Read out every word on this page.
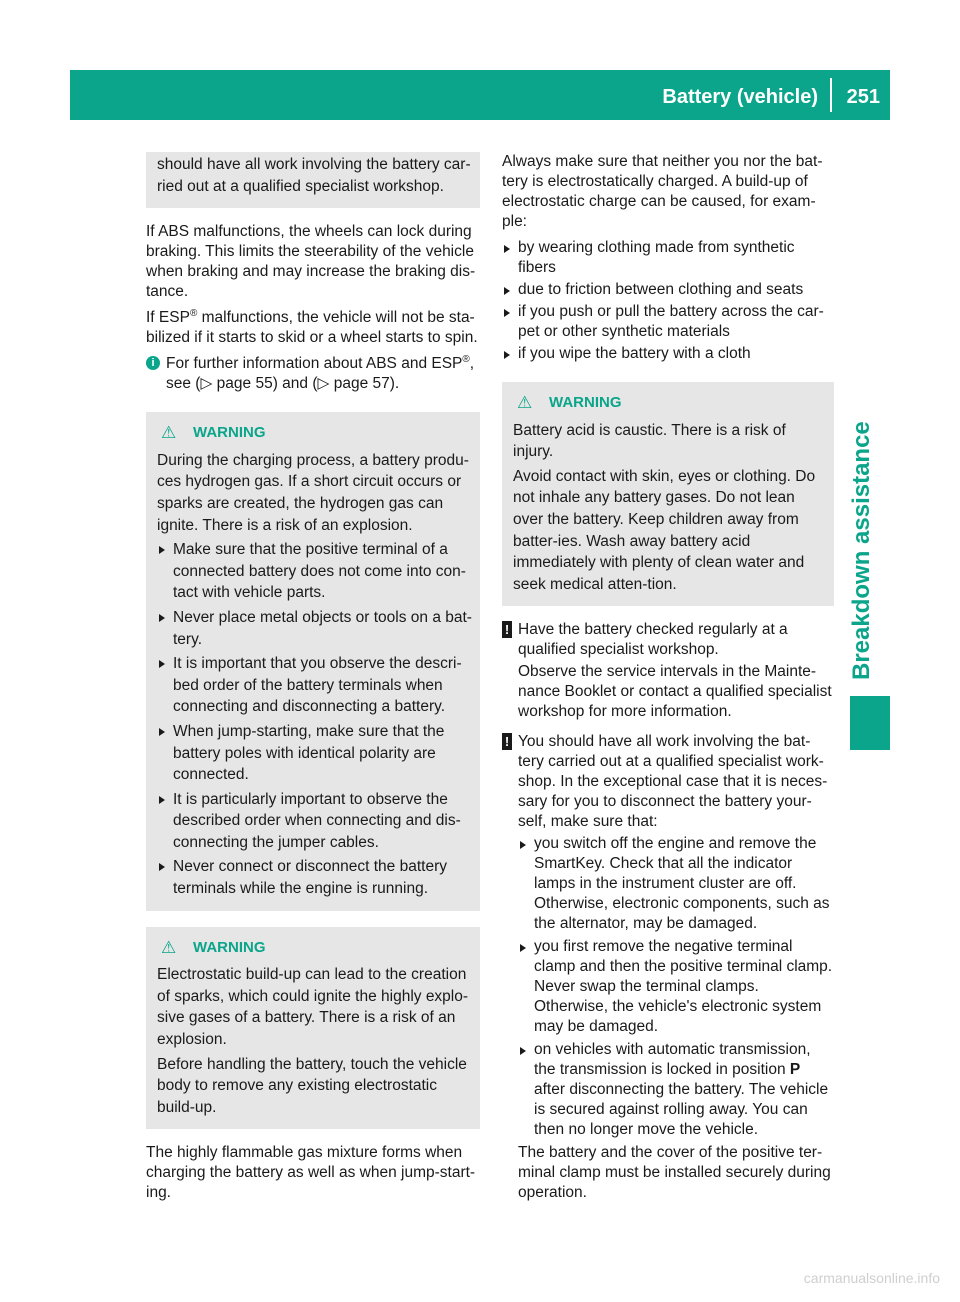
Battery (vehicle) 251
Breakdown assistance

should have all work involving the battery car-ried out at a qualified specialist workshop.

If ABS malfunctions, the wheels can lock during braking. This limits the steerability of the vehicle when braking and may increase the braking dis-tance.

If ESP® malfunctions, the vehicle will not be sta-bilized if it starts to skid or a wheel starts to spin.

i For further information about ABS and ESP®, see (▷ page 55) and (▷ page 57).
⚠ WARNING

During the charging process, a battery produ-ces hydrogen gas. If a short circuit occurs or sparks are created, the hydrogen gas can ignite. There is a risk of an explosion.

Make sure that the positive terminal of a connected battery does not come into con-tact with vehicle parts.
Never place metal objects or tools on a bat-tery.
It is important that you observe the descri-bed order of the battery terminals when connecting and disconnecting a battery.
When jump-starting, make sure that the battery poles with identical polarity are connected.
It is particularly important to observe the described order when connecting and dis-connecting the jumper cables.
Never connect or disconnect the battery terminals while the engine is running.
⚠ WARNING

Electrostatic build-up can lead to the creation of sparks, which could ignite the highly explo-sive gases of a battery. There is a risk of an explosion.

Before handling the battery, touch the vehicle body to remove any existing electrostatic build-up.

The highly flammable gas mixture forms when charging the battery as well as when jump-start-ing.

Always make sure that neither you nor the bat-tery is electrostatically charged. A build-up of electrostatic charge can be caused, for exam-ple:

by wearing clothing made from synthetic fibers
due to friction between clothing and seats
if you push or pull the battery across the car-pet or other synthetic materials
if you wipe the battery with a cloth
⚠ WARNING

Battery acid is caustic. There is a risk of injury.

Avoid contact with skin, eyes or clothing. Do not inhale any battery gases. Do not lean over the battery. Keep children away from batter-ies. Wash away battery acid immediately with plenty of clean water and seek medical atten-tion.

! Have the battery checked regularly at a qualified specialist workshop.

Observe the service intervals in the Mainte-nance Booklet or contact a qualified specialist workshop for more information.

! You should have all work involving the bat-tery carried out at a qualified specialist work-shop. In the exceptional case that it is neces-sary for you to disconnect the battery your-self, make sure that:

you switch off the engine and remove the SmartKey. Check that all the indicator lamps in the instrument cluster are off. Otherwise, electronic components, such as the alternator, may be damaged.
you first remove the negative terminal clamp and then the positive terminal clamp. Never swap the terminal clamps. Otherwise, the vehicle's electronic system may be damaged.
on vehicles with automatic transmission, the transmission is locked in position P after disconnecting the battery. The vehicle is secured against rolling away. You can then no longer move the vehicle.

The battery and the cover of the positive ter-minal clamp must be installed securely during operation.

carmanualsonline.info
